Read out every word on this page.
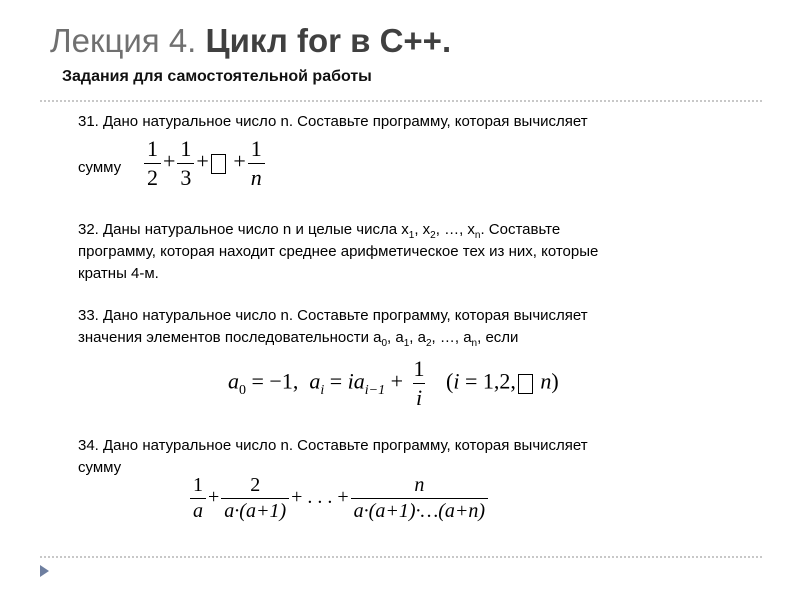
Лекция 4. Цикл for в С++.
Задания для самостоятельной работы
31. Дано натуральное число n. Составьте программу, которая вычисляет
сумму $\frac{1}{2} + \frac{1}{3}$ + + $\frac{1}{n}$
32. Даны натуральное число n и целые числа $x_1$, $x_2$, …, $x_n$. Составьте
программу, которая находит среднее арифметическое тех из них, которые
кратны 4-м.
33. Дано натуральное число n. Составьте программу, которая вычисляет
значения элементов последовательности $a_0$, $a_1$, $a_2$, …, $a_n$, если
$a_0 = -1$, $a_i = ia_{i-1} + \frac{1}{i} (i = 1,2$, n)
34. Дано натуральное число n. Составьте программу, которая вычисляет
сумму
$\frac{1}{a} + \frac{2}{a\cdot(a+1)}$ + . . . + $\frac{n}{a\cdot(a+1)\cdot\dots(a+n)}$
